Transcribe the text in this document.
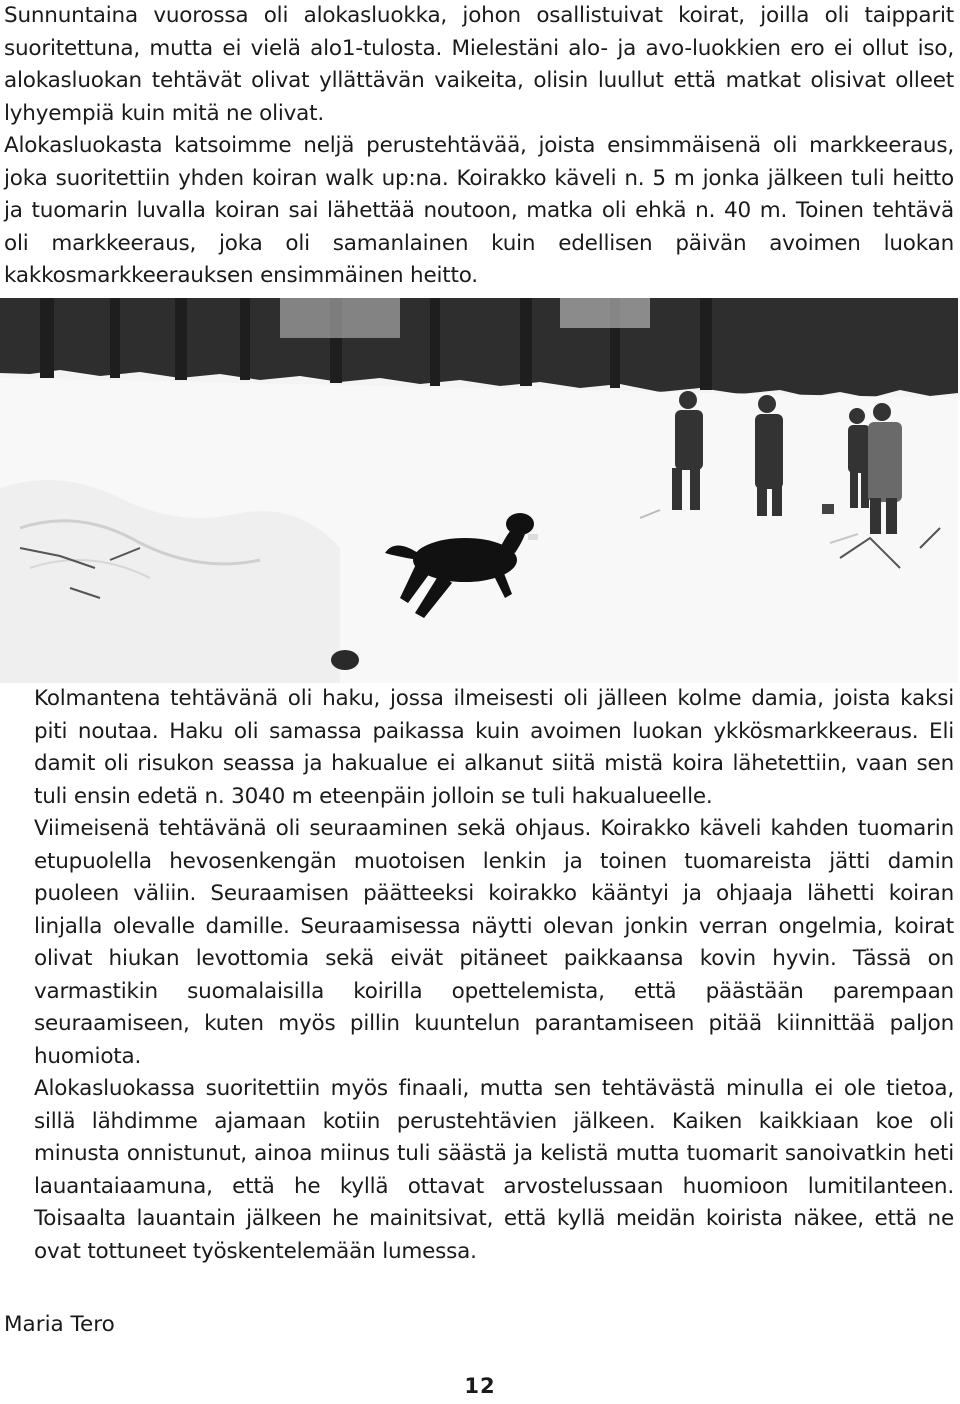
Sunnuntaina vuorossa oli alokasluokka, johon osallistuivat koirat, joilla oli taipparit suoritettuna, mutta ei vielä alo1-tulosta. Mielestäni alo- ja avo-luokkien ero ei ollut iso, alokasluokan tehtävät olivat yllättävän vaikeita, olisin luullut että matkat olisivat olleet lyhyempiä kuin mitä ne olivat.

Alokasluokasta katsoimme neljä perustehtävää, joista ensimmäisenä oli markkeeraus, joka suoritettiin yhden koiran walk up:na. Koirakko käveli n. 5 m jonka jälkeen tuli heitto ja tuomarin luvalla koiran sai lähettää noutoon, matka oli ehkä n. 40 m. Toinen tehtävä oli markkeeraus, joka oli samanlainen kuin edellisen päivän avoimen luokan kakkosmarkkeerauksen ensimmäinen heitto.

Kolmantena tehtävänä oli haku, jossa ilmeisesti oli jälleen kolme damia, joista kaksi piti noutaa. Haku oli samassa paikassa kuin avoimen luokan ykkösmarkkeeraus. Eli damit oli risukon seassa ja hakualue ei alkanut siitä mistä koira lähetettiin, vaan sen tuli ensin edetä n. 3040 m eteenpäin jolloin se tuli hakualueelle.

Viimeisenä tehtävänä oli seuraaminen sekä ohjaus. Koirakko käveli kahden tuomarin etupuolella hevosenkengän muotoisen lenkin ja toinen tuomareista jätti damin puoleen väliin. Seuraamisen päätteeksi koirakko kääntyi ja ohjaaja lähetti koiran linjalla olevalle damille. Seuraamisessa näytti olevan jonkin verran ongelmia, koirat olivat hiukan levottomia sekä eivät pitäneet paikkaansa kovin hyvin. Tässä on varmastikin suomalaisilla koirilla opettelemista, että päästään parempaan seuraamiseen, kuten myös pillin kuuntelun parantamiseen pitää kiinnittää paljon huomiota.

Alokasluokassa suoritettiin myös finaali, mutta sen tehtävästä minulla ei ole tietoa, sillä lähdimme ajamaan kotiin perustehtävien jälkeen. Kaiken kaikkiaan koe oli minusta onnistunut, ainoa miinus tuli säästä ja kelistä mutta tuomarit sanoivatkin heti lauantaiaamuna, että he kyllä ottavat arvostelussaan huomioon lumitilanteen. Toisaalta lauantain jälkeen he mainitsivat, että kyllä meidän koirista näkee, että ne ovat tottuneet työskentelemään lumessa.

Maria Tero
12
